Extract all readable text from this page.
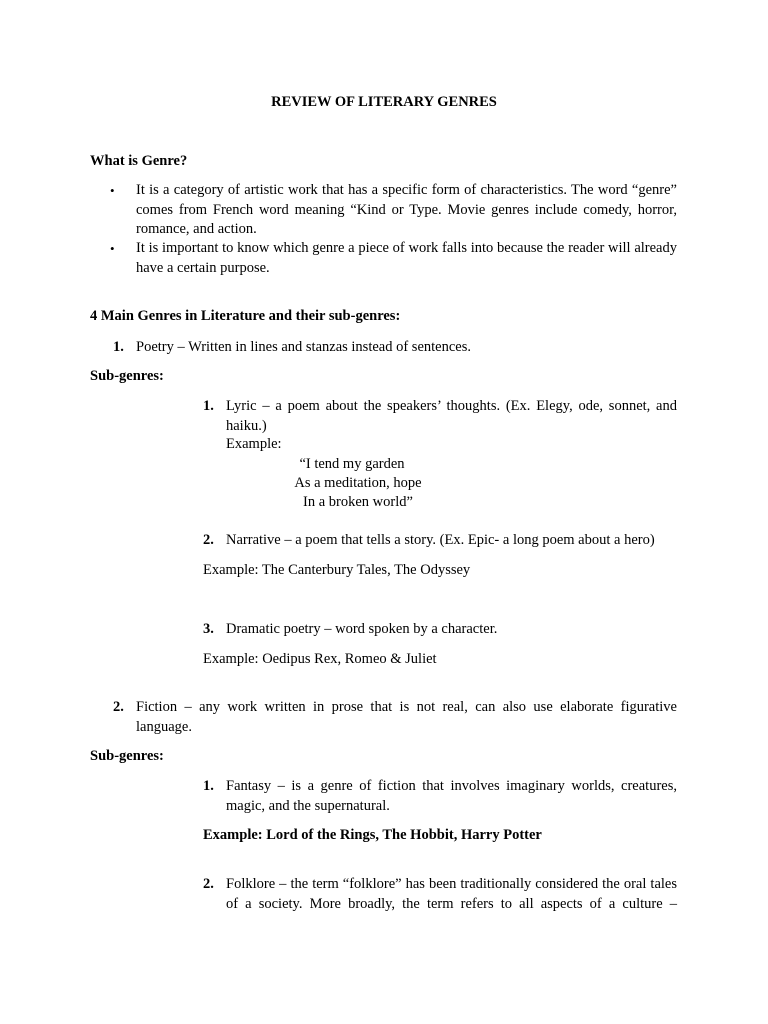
REVIEW OF LITERARY GENRES
What is Genre?
• It is a category of artistic work that has a specific form of characteristics. The word “genre” comes from French word meaning “Kind or Type. Movie genres include comedy, horror, romance, and action.
• It is important to know which genre a piece of work falls into because the reader will already have a certain purpose.
4 Main Genres in Literature and their sub-genres:
1. Poetry – Written in lines and stanzas instead of sentences.
Sub-genres:
1. Lyric – a poem about the speakers’ thoughts. (Ex. Elegy, ode, sonnet, and haiku.)
Example:
“I tend my garden
As a meditation, hope
In a broken world”
2. Narrative – a poem that tells a story. (Ex. Epic- a long poem about a hero)
Example: The Canterbury Tales, The Odyssey
3. Dramatic poetry – word spoken by a character.
Example: Oedipus Rex, Romeo & Juliet
2. Fiction – any work written in prose that is not real, can also use elaborate figurative language.
Sub-genres:
1. Fantasy – is a genre of fiction that involves imaginary worlds, creatures, magic, and the supernatural.
Example: Lord of the Rings, The Hobbit, Harry Potter
2. Folklore – the term “folklore” has been traditionally considered the oral tales of a society. More broadly, the term refers to all aspects of a culture –
